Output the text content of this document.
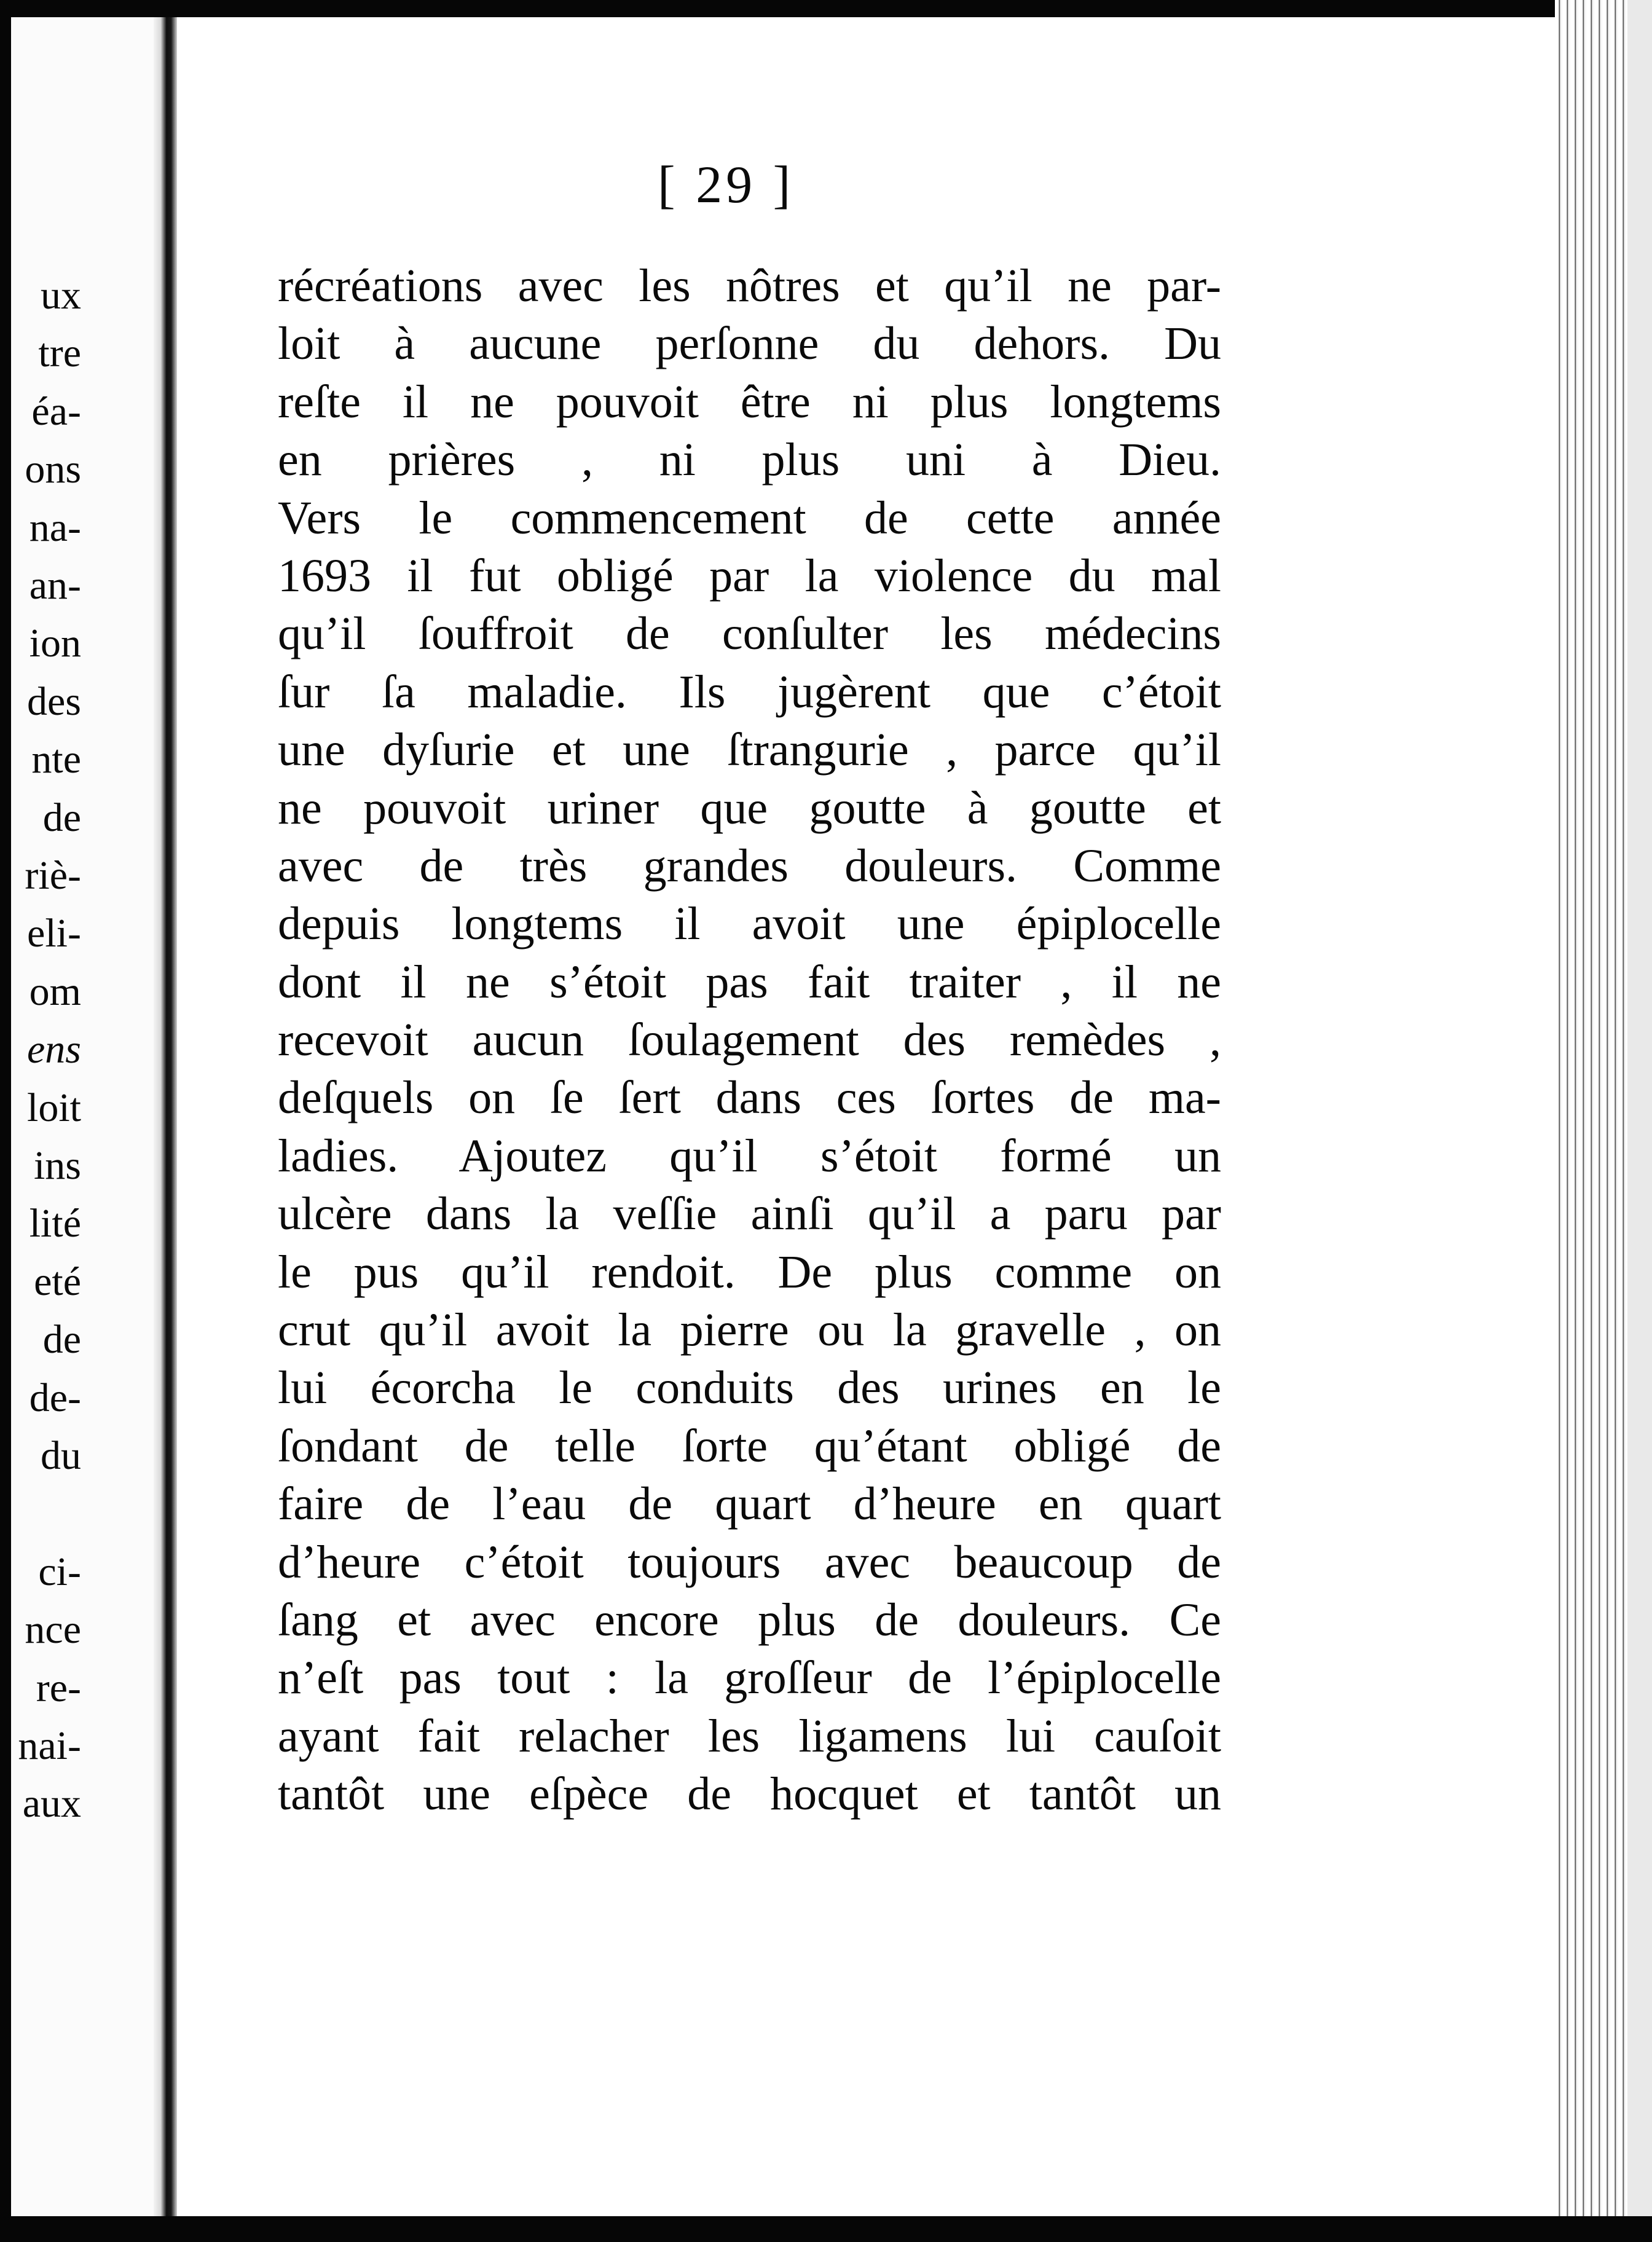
ux
tre
éa-
ons
na-
an-
ion
des
nte
de
riè-
eli-
om
ens
loit
ins
lité
eté
de
de-
du
ci-
nce
re-
nai-
aux
[ 29 ]
récréations avec les nôtres et qu’il ne par-
loit à aucune perſonne du dehors. Du
reſte il ne pouvoit être ni plus longtems
en prières , ni plus uni à Dieu.
Vers le commencement de cette année
1693 il fut obligé par la violence du mal
qu’il ſouffroit de conſulter les médecins
ſur ſa maladie. Ils jugèrent que c’étoit
une dyſurie et une ſtrangurie , parce qu’il
ne pouvoit uriner que goutte à goutte et
avec de très grandes douleurs. Comme
depuis longtems il avoit une épiplocelle
dont il ne s’étoit pas fait traiter , il ne
recevoit aucun ſoulagement des remèdes ,
deſquels on ſe ſert dans ces ſortes de ma-
ladies. Ajoutez qu’il s’étoit formé un
ulcère dans la veſſie ainſi qu’il a paru par
le pus qu’il rendoit. De plus comme on
crut qu’il avoit la pierre ou la gravelle , on
lui écorcha le conduits des urines en le
ſondant de telle ſorte qu’étant obligé de
faire de l’eau de quart d’heure en quart
d’heure c’étoit toujours avec beaucoup de
ſang et avec encore plus de douleurs. Ce
n’eſt pas tout : la groſſeur de l’épiplocelle
ayant fait relacher les ligamens lui cauſoit
tantôt une eſpèce de hocquet et tantôt un
